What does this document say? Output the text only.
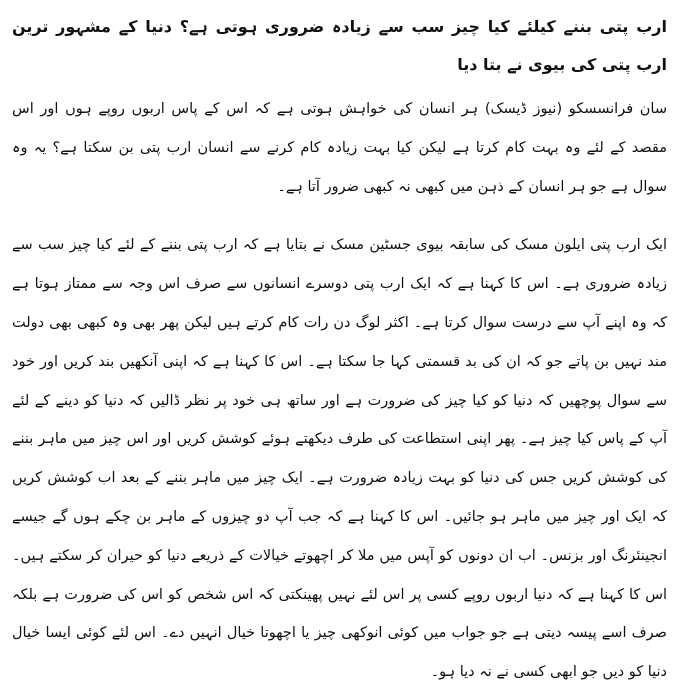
ارب پتی بننے کیلئے کیا چیز سب سے زیادہ ضروری ہوتی ہے؟ دنیا کے مشہور ترین ارب پتی کی بیوی نے بتا دیا

سان فرانسسکو (نیوز ڈیسک) ہر انسان کی خواہش ہوتی ہے کہ اس کے پاس اربوں روپے ہوں اور اس مقصد کے لئے وہ بہت کام کرتا ہے لیکن کیا بہت زیادہ کام کرنے سے انسان ارب پتی بن سکتا ہے؟ یہ وہ سوال ہے جو ہر انسان کے ذہن میں کبھی نہ کبھی ضرور آتا ہے۔

ایک ارب پتی ایلون مسک کی سابقہ بیوی جسٹین مسک نے بتایا ہے کہ ارب پتی بننے کے لئے کیا چیز سب سے زیادہ ضروری ہے۔ اس کا کہنا ہے کہ ایک ارب پتی دوسرے انسانوں سے صرف اس وجہ سے ممتاز ہوتا ہے کہ وہ اپنے آپ سے درست سوال کرتا ہے۔ اکثر لوگ دن رات کام کرتے ہیں لیکن پھر بھی وہ کبھی بھی دولت مند نہیں بن پاتے جو کہ ان کی بد قسمتی کہا جا سکتا ہے۔ اس کا کہنا ہے کہ اپنی آنکھیں بند کریں اور خود سے سوال پوچھیں کہ دنیا کو کیا چیز کی ضرورت ہے اور ساتھ ہی خود پر نظر ڈالیں کہ دنیا کو دینے کے لئے آپ کے پاس کیا چیز ہے۔ پھر اپنی استطاعت کی طرف دیکھتے ہوئے کوشش کریں اور اس چیز میں ماہر بننے کی کوشش کریں جس کی دنیا کو بہت زیادہ ضرورت ہے۔ ایک چیز میں ماہر بننے کے بعد اب کوشش کریں کہ ایک اور چیز میں ماہر ہو جائیں۔ اس کا کہنا ہے کہ جب آپ دو چیزوں کے ماہر بن چکے ہوں گے جیسے انجینئرنگ اور بزنس۔ اب ان دونوں کو آپس میں ملا کر اچھوتے خیالات کے ذریعے دنیا کو حیران کر سکتے ہیں۔ اس کا کہنا ہے کہ دنیا اربوں روپے کسی پر اس لئے نہیں پھینکتی کہ اس شخص کو اس کی ضرورت ہے بلکہ صرف اسے پیسہ دیتی ہے جو جواب میں کوئی انوکھی چیز یا اچھوتا خیال انہیں دے۔ اس لئے کوئی ایسا خیال دنیا کو دیں جو ابھی کسی نے نہ دیا ہو۔
